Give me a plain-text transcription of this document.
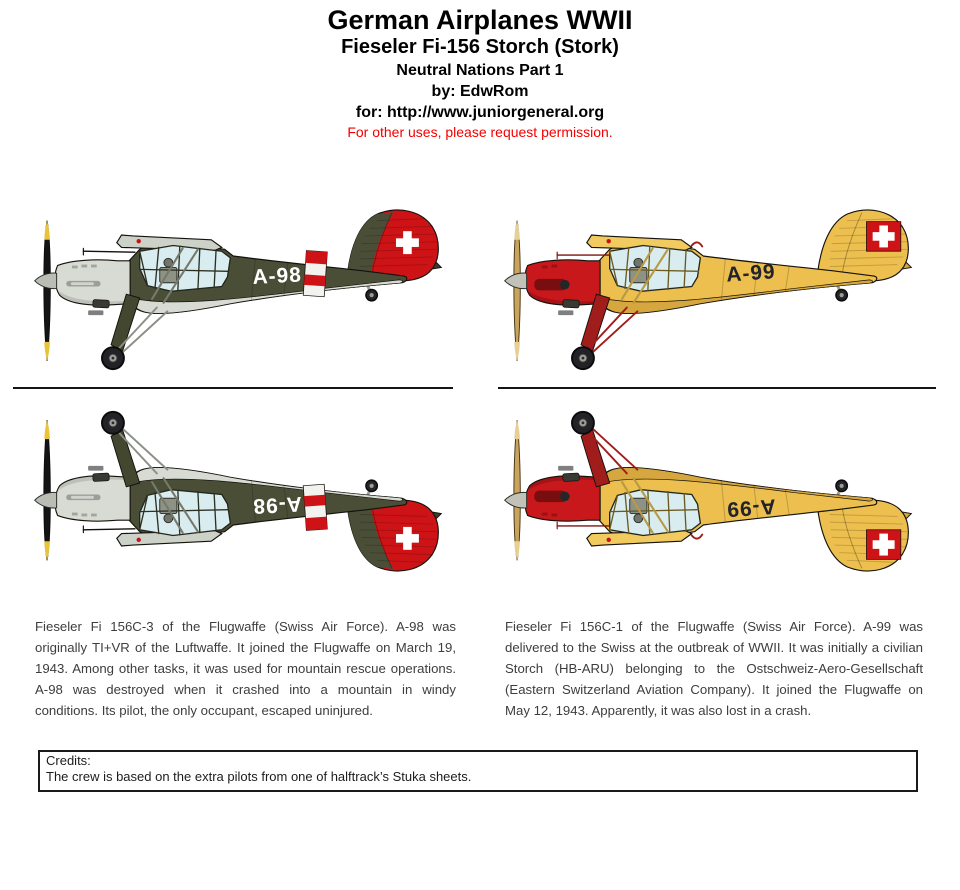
German Airplanes WWII
Fieseler Fi-156 Storch (Stork)
Neutral Nations Part 1
by: EdwRom
for: http://www.juniorgeneral.org
For other uses, please request permission.
A-98	A-99
A-98	A-99
Fieseler Fi 156C-3 of the Flugwaffe (Swiss Air Force). A-98 was originally TI+VR of the Luftwaffe. It joined the Flugwaffe on March 19, 1943. Among other tasks, it was used for mountain rescue operations. A-98 was destroyed when it crashed into a mountain in windy conditions. Its pilot, the only occupant, escaped uninjured.
Fieseler Fi 156C-1 of the Flugwaffe (Swiss Air Force). A-99 was delivered to the Swiss at the outbreak of WWII. It was initially a civilian Storch (HB-ARU) belonging to the Ostschweiz-Aero-Gesellschaft (Eastern Switzerland Aviation Company). It joined the Flugwaffe on May 12, 1943. Apparently, it was also lost in a crash.
Credits:
The crew is based on the extra pilots from one of halftrack’s Stuka sheets.
